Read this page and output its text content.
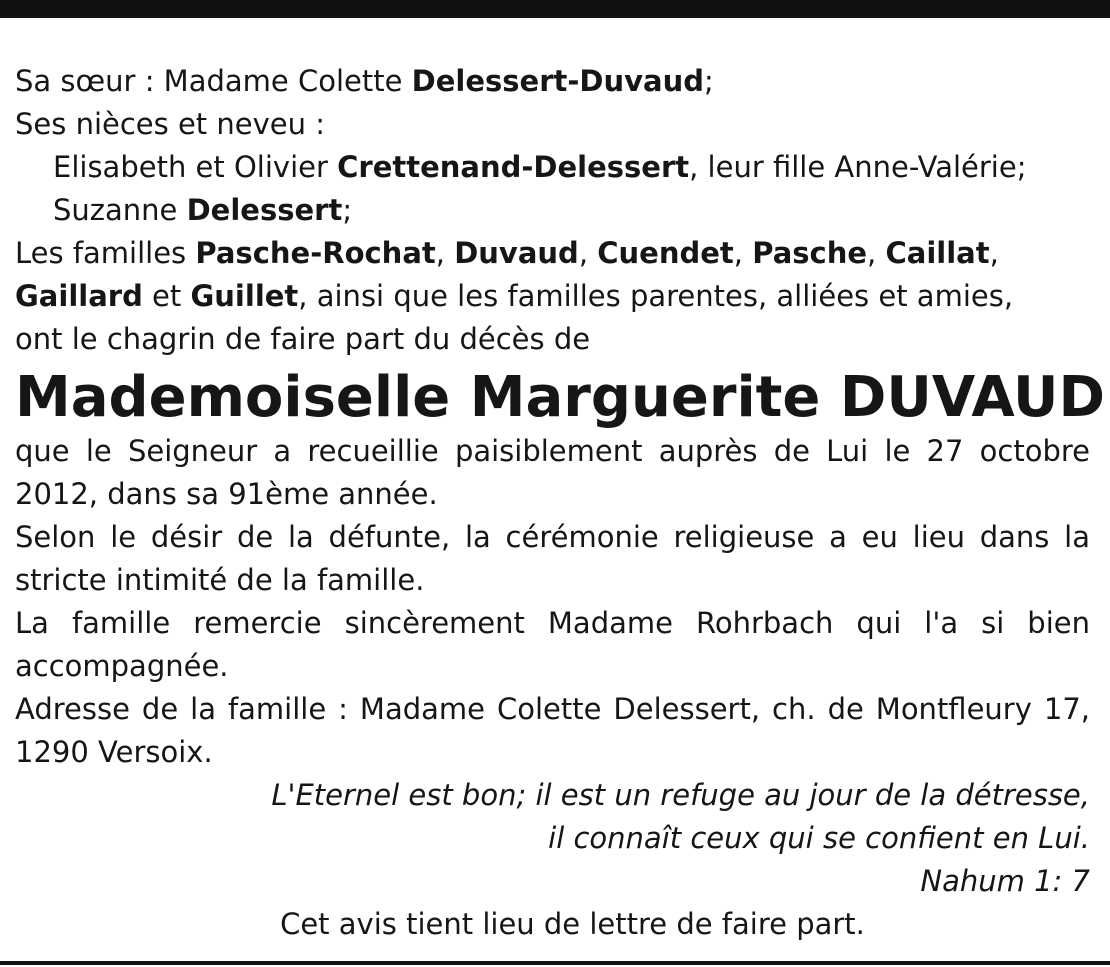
Sa sœur : Madame Colette Delessert-Duvaud;
Ses nièces et neveu :
Elisabeth et Olivier Crettenand-Delessert, leur fille Anne-Valérie;
Suzanne Delessert;
Les familles Pasche-Rochat, Duvaud, Cuendet, Pasche, Caillat,
Gaillard et Guillet, ainsi que les familles parentes, alliées et amies,
ont le chagrin de faire part du décès de
Mademoiselle Marguerite DUVAUD
que le Seigneur a recueillie paisiblement auprès de Lui le 27 octobre
2012, dans sa 91ème année.
Selon le désir de la défunte, la cérémonie religieuse a eu lieu dans la
stricte intimité de la famille.
La famille remercie sincèrement Madame Rohrbach qui l'a si bien
accompagnée.
Adresse de la famille : Madame Colette Delessert, ch. de Montfleury 17,
1290 Versoix.
L'Eternel est bon; il est un refuge au jour de la détresse,
il connaît ceux qui se confient en Lui.
Nahum 1: 7
Cet avis tient lieu de lettre de faire part.
